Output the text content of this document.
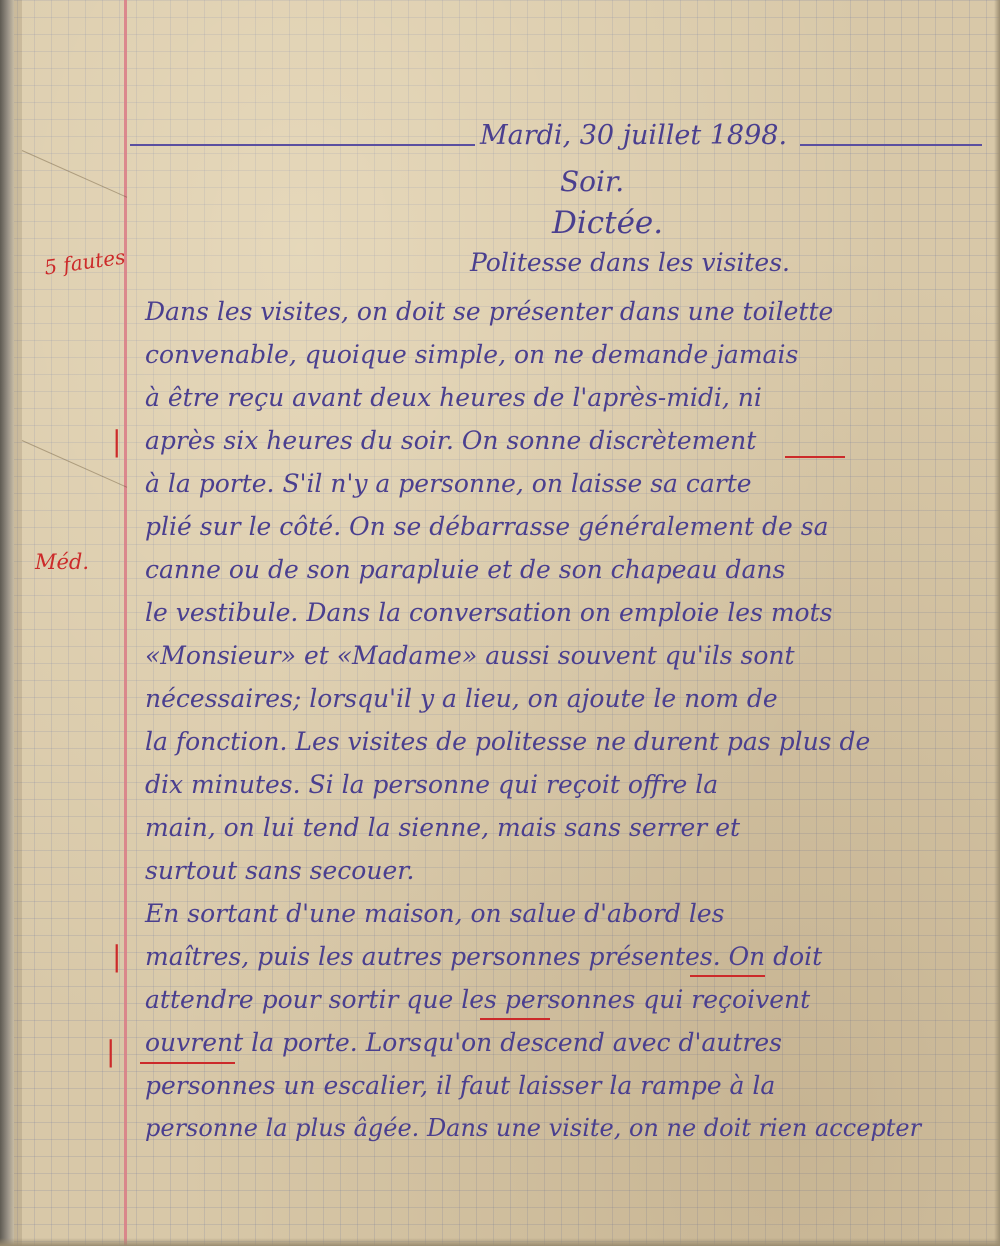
Mardi, 30 juillet 1898.
Soir.
Dictée.
Politesse dans les visites.
Dans les visites, on doit se présenter dans une toilette
convenable, quoique simple, on ne demande jamais
à être reçu avant deux heures de l'après-midi, ni
après six heures du soir. On sonne discrètement
à la porte. S'il n'y a personne, on laisse sa carte
plié sur le côté. On se débarrasse généralement de sa
canne ou de son parapluie et de son chapeau dans
le vestibule. Dans la conversation on emploie les mots
«Monsieur» et «Madame» aussi souvent qu'ils sont
nécessaires; lorsqu'il y a lieu, on ajoute le nom de
la fonction. Les visites de politesse ne durent pas plus de
dix minutes. Si la personne qui reçoit offre la
main, on lui tend la sienne, mais sans serrer et
surtout sans secouer.
En sortant d'une maison, on salue d'abord les
maîtres, puis les autres personnes présentes. On doit
attendre pour sortir que les personnes qui reçoivent
ouvrent la porte. Lorsqu'on descend avec d'autres
personnes un escalier, il faut laisser la rampe à la
personne la plus âgée. Dans une visite, on ne doit rien accepter
5 fautes
Méd.
|
|
|
